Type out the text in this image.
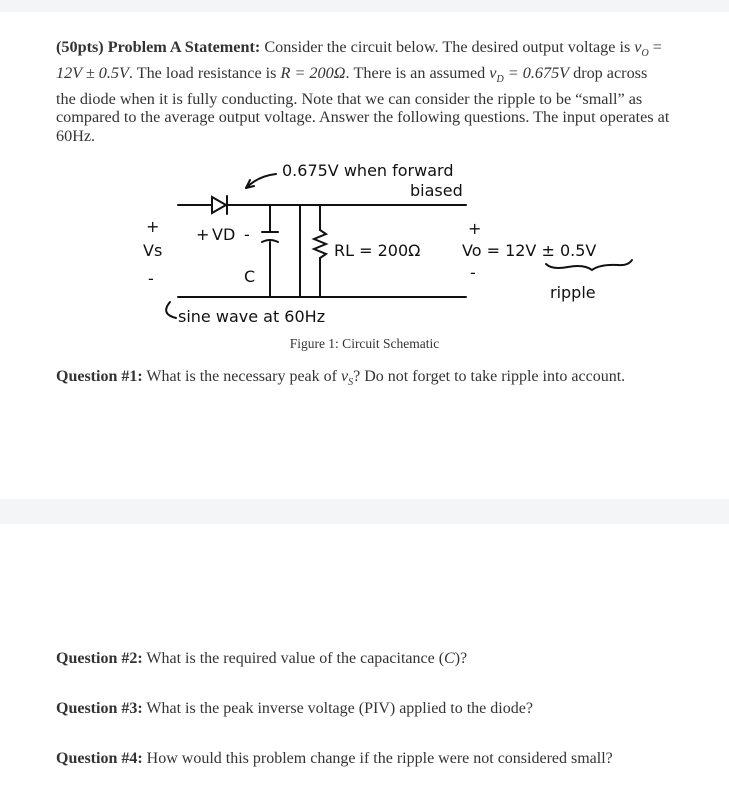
(50pts) Problem A Statement: Consider the circuit below. The desired output voltage is $v_O$ =
12V ± 0.5V. The load resistance is R = 200Ω. There is an assumed $v_D = 0.675V$ drop across
the diode when it is fully conducting. Note that we can consider the ripple to be “small” as
compared to the average output voltage. Answer the following questions. The input operates at
60Hz.
0.675V when forward
biased
+
Vs
-
+ VD -
C
RL = 200Ω
+
Vo = 12V ± 0.5V
-
ripple
sine wave at 60Hz
Figure 1: Circuit Schematic
Question #1: What is the necessary peak of $v_S$? Do not forget to take ripple into account.
Question #2: What is the required value of the capacitance (C)?
Question #3: What is the peak inverse voltage (PIV) applied to the diode?
Question #4: How would this problem change if the ripple were not considered small?
